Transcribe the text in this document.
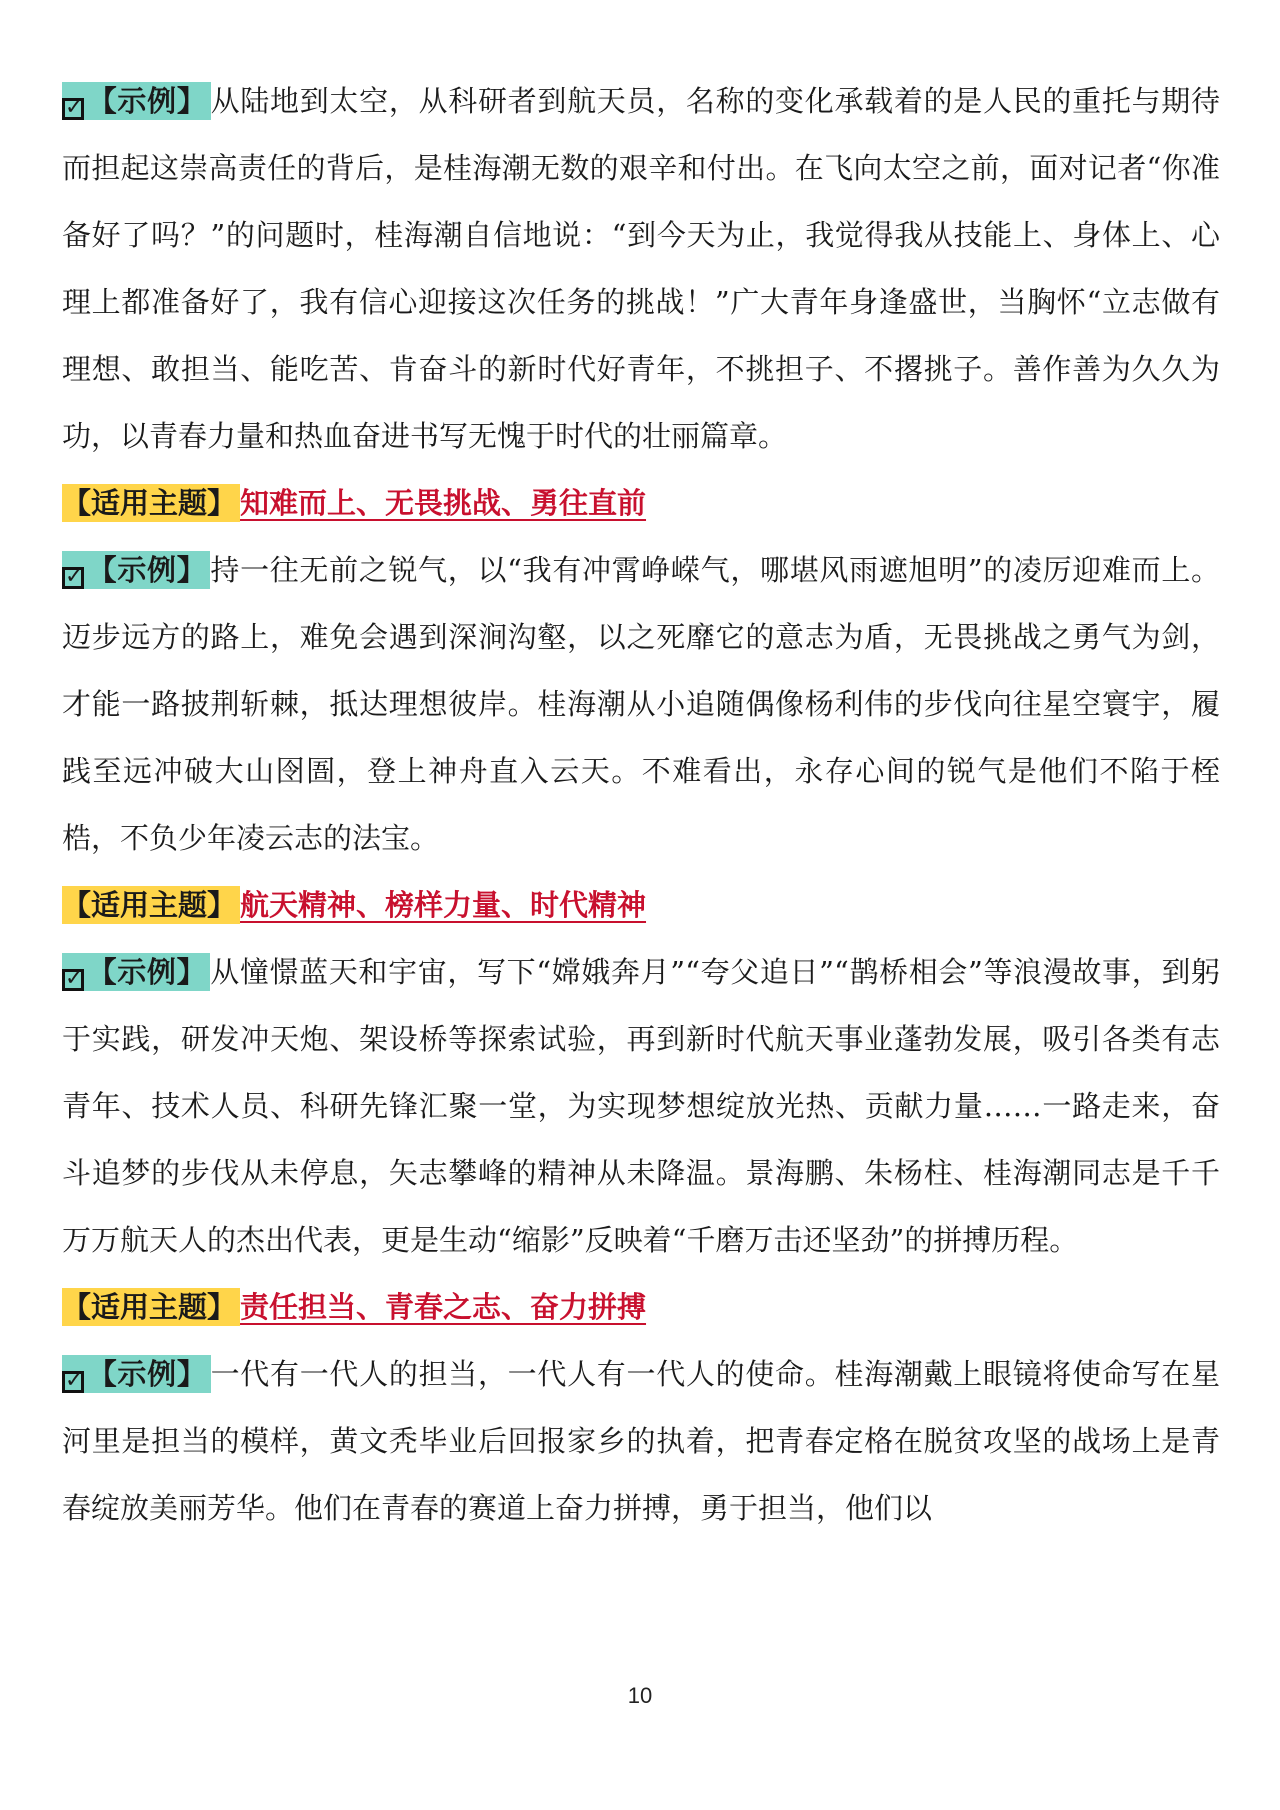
✓ 【示例】 从陆地到太空，从科研者到航天员，名称的变化承载着的是人民的重托与期待而担起这崇高责任的背后，是桂海潮无数的艰辛和付出。在飞向太空之前，面对记者“你准备好了吗？”的问题时，桂海潮自信地说：“到今天为止，我觉得我从技能上、身体上、心理上都准备好了，我有信心迎接这次任务的挑战！”广大青年身逢盛世，当胸怀“立志做有理想、敢担当、能吃苦、肯奋斗的新时代好青年，不挑担子、不撂挑子。善作善为久久为功，以青春力量和热血奋进书写无愧于时代的壮丽篇章。

【适用主题】 知难而上、无畏挑战、勇往直前

✓ 【示例】 持一往无前之锐气，以“我有冲霄峥嵘气，哪堪风雨遮旭明”的凌厉迎难而上。迈步远方的路上，难免会遇到深涧沟壑，以之死靡它的意志为盾，无畏挑战之勇气为剑，才能一路披荆斩棘，抵达理想彼岸。桂海潮从小追随偶像杨利伟的步伐向往星空寰宇，履践至远冲破大山囹圄，登上神舟直入云天。不难看出，永存心间的锐气是他们不陷于桎梏，不负少年凌云志的法宝。

【适用主题】 航天精神、榜样力量、时代精神

✓ 【示例】 从憧憬蓝天和宇宙，写下“嫦娥奔月”“夸父追日”“鹊桥相会”等浪漫故事，到躬于实践，研发冲天炮、架设桥等探索试验，再到新时代航天事业蓬勃发展，吸引各类有志青年、技术人员、科研先锋汇聚一堂，为实现梦想绽放光热、贡献力量……一路走来，奋斗追梦的步伐从未停息，矢志攀峰的精神从未降温。景海鹏、朱杨柱、桂海潮同志是千千万万航天人的杰出代表，更是生动“缩影”反映着“千磨万击还坚劲”的拼搏历程。

【适用主题】 责任担当、青春之志、奋力拼搏

✓ 【示例】 一代有一代人的担当，一代人有一代人的使命。桂海潮戴上眼镜将使命写在星河里是担当的模样，黄文秃毕业后回报家乡的执着，把青春定格在脱贫攻坚的战场上是青春绽放美丽芳华。他们在青春的赛道上奋力拼搏，勇于担当，他们以

10
